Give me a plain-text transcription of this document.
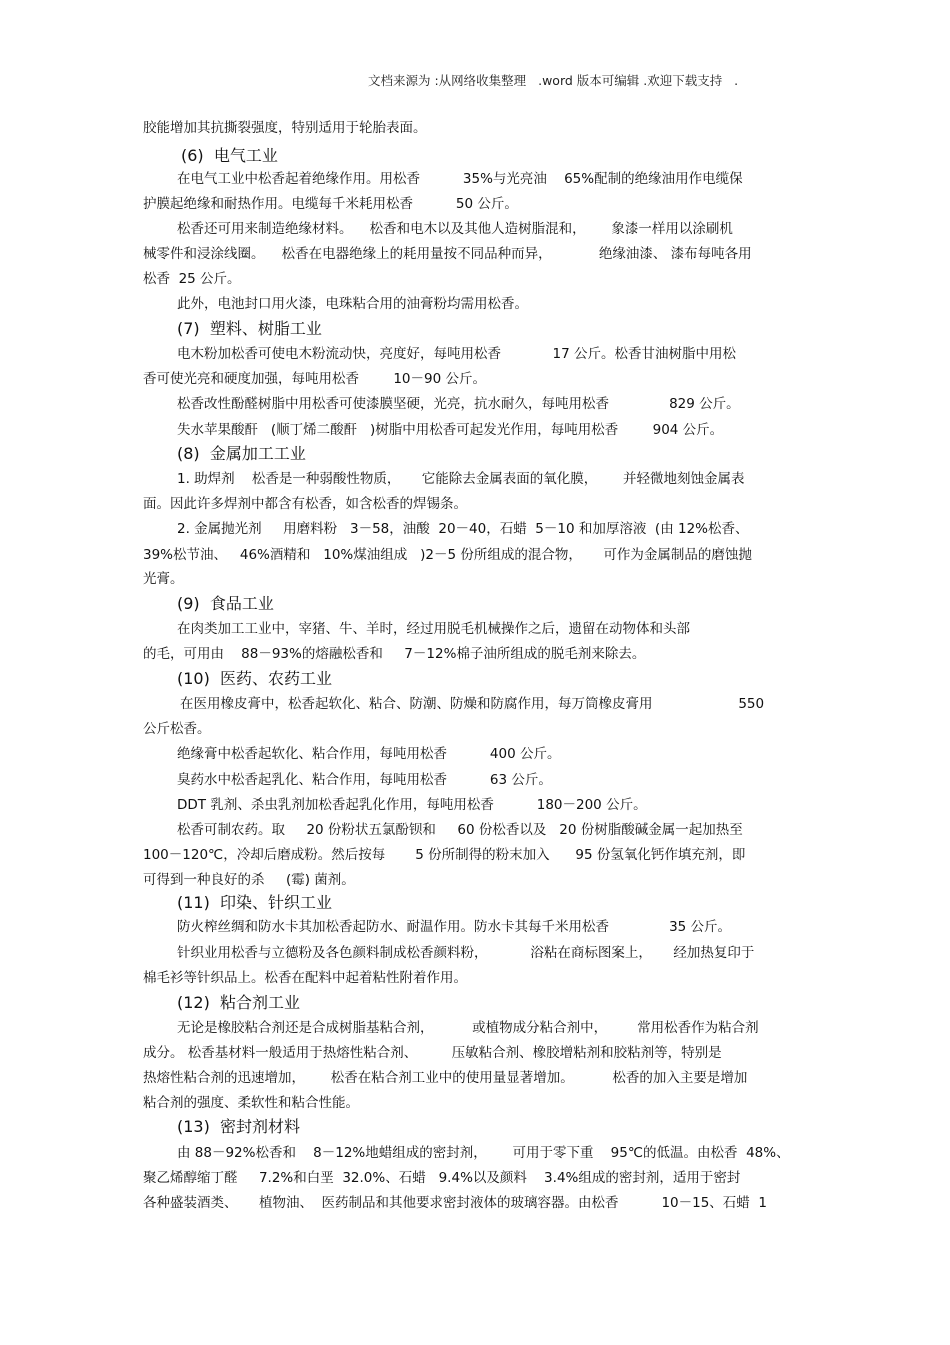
文档来源为 :从网络收集整理   .word 版本可编辑 .欢迎下载支持   .
胶能增加其抗撕裂强度，特别适用于轮胎表面。
(6)  电气工业
在电气工业中松香起着绝缘作用。用松香          35%与光亮油    65%配制的绝缘油用作电缆保
护膜起绝缘和耐热作用。电缆每千米耗用松香          50 公斤。
松香还可用来制造绝缘材料。    松香和电木以及其他人造树脂混和，      象漆一样用以涂刷机
械零件和浸涂线圈。    松香在电器绝缘上的耗用量按不同品种而异，           绝缘油漆、 漆布每吨各用
松香  25 公斤。
此外，电池封口用火漆，电珠粘合用的油膏粉均需用松香。
(7)  塑料、树脂工业
电木粉加松香可使电木粉流动快，亮度好，每吨用松香            17 公斤。松香甘油树脂中用松
香可使光亮和硬度加强，每吨用松香        10－90 公斤。
松香改性酚醛树脂中用松香可使漆膜坚硬，光亮，抗水耐久，每吨用松香              829 公斤。
失水苹果酸酐   (顺丁烯二酸酐   )树脂中用松香可起发光作用，每吨用松香        904 公斤。
(8)  金属加工工业
1. 助焊剂    松香是一种弱酸性物质，     它能除去金属表面的氧化膜，      并轻微地刻蚀金属表
面。因此许多焊剂中都含有松香，如含松香的焊锡条。
2. 金属抛光剂     用磨料粉   3－58，油酸  20－40，石蜡  5－10 和加厚溶液  (由 12%松香、
39%松节油、   46%酒精和   10%煤油组成   )2－5 份所组成的混合物，     可作为金属制品的磨蚀抛
光膏。
(9)  食品工业
在肉类加工工业中，宰猪、牛、羊时，经过用脱毛机械操作之后，遗留在动物体和头部
的毛，可用由    88－93%的熔融松香和     7－12%棉子油所组成的脱毛剂来除去。
(10)  医药、农药工业
在医用橡皮膏中，松香起软化、粘合、防潮、防燥和防腐作用，每万筒橡皮膏用                    550
公斤松香。
绝缘膏中松香起软化、粘合作用，每吨用松香          400 公斤。
臭药水中松香起乳化、粘合作用，每吨用松香          63 公斤。
DDT 乳剂、杀虫乳剂加松香起乳化作用，每吨用松香          180－200 公斤。
松香可制农药。取     20 份粉状五氯酚钡和     60 份松香以及   20 份树脂酸碱金属一起加热至
100－120℃，冷却后磨成粉。然后按每       5 份所制得的粉末加入      95 份氢氧化钙作填充剂，即
可得到一种良好的杀     (霉) 菌剂。
(11)  印染、针织工业
防火榨丝绸和防水卡其加松香起防水、耐温作用。防水卡其每千米用松香              35 公斤。
针织业用松香与立德粉及各色颜料制成松香颜料粉，          浴粘在商标图案上，     经加热复印于
棉毛衫等针织品上。松香在配料中起着粘性附着作用。
(12)  粘合剂工业
无论是橡胶粘合剂还是合成树脂基粘合剂，         或植物成分粘合剂中，       常用松香作为粘合剂
成分。 松香基材料一般适用于热熔性粘合剂、        压敏粘合剂、橡胶增粘剂和胶粘剂等，特别是
热熔性粘合剂的迅速增加，      松香在粘合剂工业中的使用量显著增加。         松香的加入主要是增加
粘合剂的强度、柔软性和粘合性能。
(13)  密封剂材料
由 88－92%松香和    8－12%地蜡组成的密封剂，      可用于零下重    95℃的低温。由松香  48%、
聚乙烯醇缩丁醛     7.2%和白垩  32.0%、石蜡   9.4%以及颜料    3.4%组成的密封剂，适用于密封
各种盛装酒类、     植物油、  医药制品和其他要求密封液体的玻璃容器。由松香          10－15、石蜡  1
